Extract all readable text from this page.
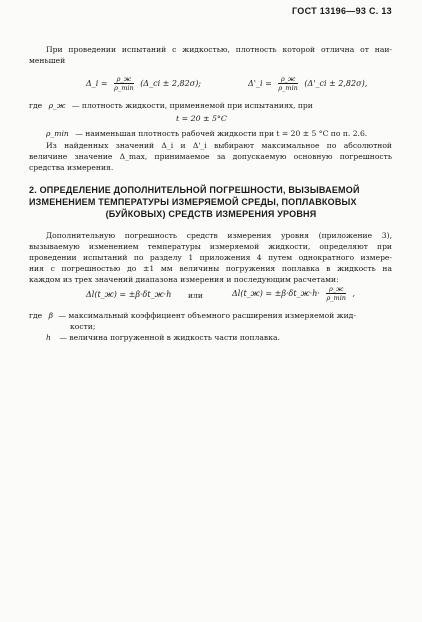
ГОСТ 13196—93 С. 13
При проведении испытаний с жидкостью, плотность которой отлична от наи-
меньшей
Δ_i = $\frac{\rho\_ж}{\rho\_\min}$ (Δ_ci ± 2,82σ);	Δ'_i = $\frac{\rho\_ж}{\rho\_\min}$ (Δ'_ci ± 2,82σ),
где ρ_ж — плотность жидкости, применяемой при испытаниях, при
t = 20 ± 5°С
ρ_min — наименьшая плотность рабочей жидкости при t = 20 ± 5 °С по п. 2.6.
Из найденных значений Δ_i и Δ'_i выбирают максимальное по абсолютной
величине значение Δ_max, принимаемое за допускаемую основную погрешность
средства измерения.
2. ОПРЕДЕЛЕНИЕ ДОПОЛНИТЕЛЬНОЙ ПОГРЕШНОСТИ, ВЫЗЫВАЕМОЙ
ИЗМЕНЕНИЕМ ТЕМПЕРАТУРЫ ИЗМЕРЯЕМОЙ СРЕДЫ, ПОПЛАВКОВЫХ
(БУЙКОВЫХ) СРЕДСТВ ИЗМЕРЕНИЯ УРОВНЯ
Дополнительную погрешность средств измерения уровня (приложение 3),
вызываемую изменением температуры измеряемой жидкости, определяют при
проведении испытаний по разделу 1 приложения 4 путем однократного измере-
ния с погрешностью до ±1 мм величины погружения поплавка в жидкость на
каждом из трех значений диапазона измерения и последующим расчетами:
Δl(t_ж) = ±β·δt_ж·h или	Δl(t_ж) = ±β·δt_ж·h· $\frac{\rho\_ж}{\rho\_\min}$ ,
где β — максимальный коэффициент объемного расширения измеряемой жид-
кости;
h — величина погруженной в жидкость части поплавка.
